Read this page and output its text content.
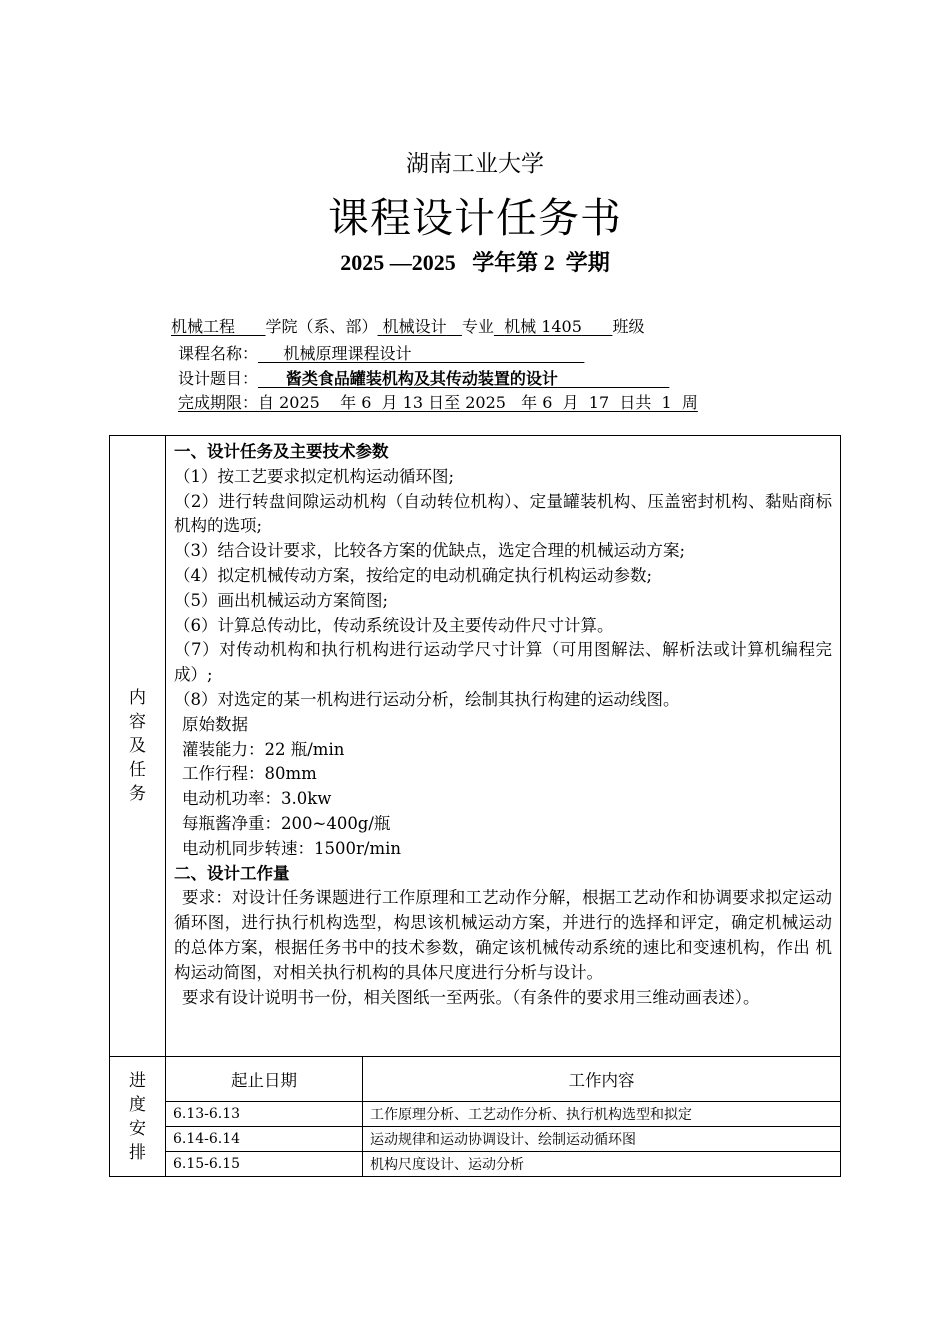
湖南工业大学
课程设计任务书
2025 —2025   学年第 2  学期
机械工程 学院（系、部） 机械设计 专业 机械 1405 班级
课程名称： 机械原理课程设计
设计题目： 酱类食品罐装机构及其传动装置的设计
完成期限：自 2025    年 6  月 13 日至 2025   年 6  月  17  日共  1  周
内
容
及
任
务

一、设计任务及主要技术参数

（1）按工艺要求拟定机构运动循环图;

（2）进行转盘间隙运动机构（自动转位机构）、定量罐装机构、压盖密封机构、黏贴商标机构的选项;

（3）结合设计要求，比较各方案的优缺点，选定合理的机械运动方案;

（4）拟定机械传动方案，按给定的电动机确定执行机构运动参数;

（5）画出机械运动方案简图;

（6）计算总传动比，传动系统设计及主要传动件尺寸计算。

（7）对传动机构和执行机构进行运动学尺寸计算（可用图解法、解析法或计算机编程完成）;

（8）对选定的某一机构进行运动分析，绘制其执行构建的运动线图。

原始数据

灌装能力：22 瓶/min

工作行程：80mm

电动机功率：3.0kw

每瓶酱净重：200~400g/瓶

电动机同步转速：1500r/min

二、设计工作量

要求：对设计任务课题进行工作原理和工艺动作分解，根据工艺动作和协调要求拟定运动循环图，进行执行机构选型，构思该机械运动方案，并进行的选择和评定，确定机械运动的总体方案，根据任务书中的技术参数，确定该机械传动系统的速比和变速机构，作出 机构运动简图，对相关执行机构的具体尺度进行分析与设计。

要求有设计说明书一份，相关图纸一至两张。（有条件的要求用三维动画表述）。

进
度
安
排

起止日期	工作内容
6.13-6.13	工作原理分析、工艺动作分析、执行机构选型和拟定
6.14-6.14	运动规律和运动协调设计、绘制运动循环图
6.15-6.15	机构尺度设计、运动分析
